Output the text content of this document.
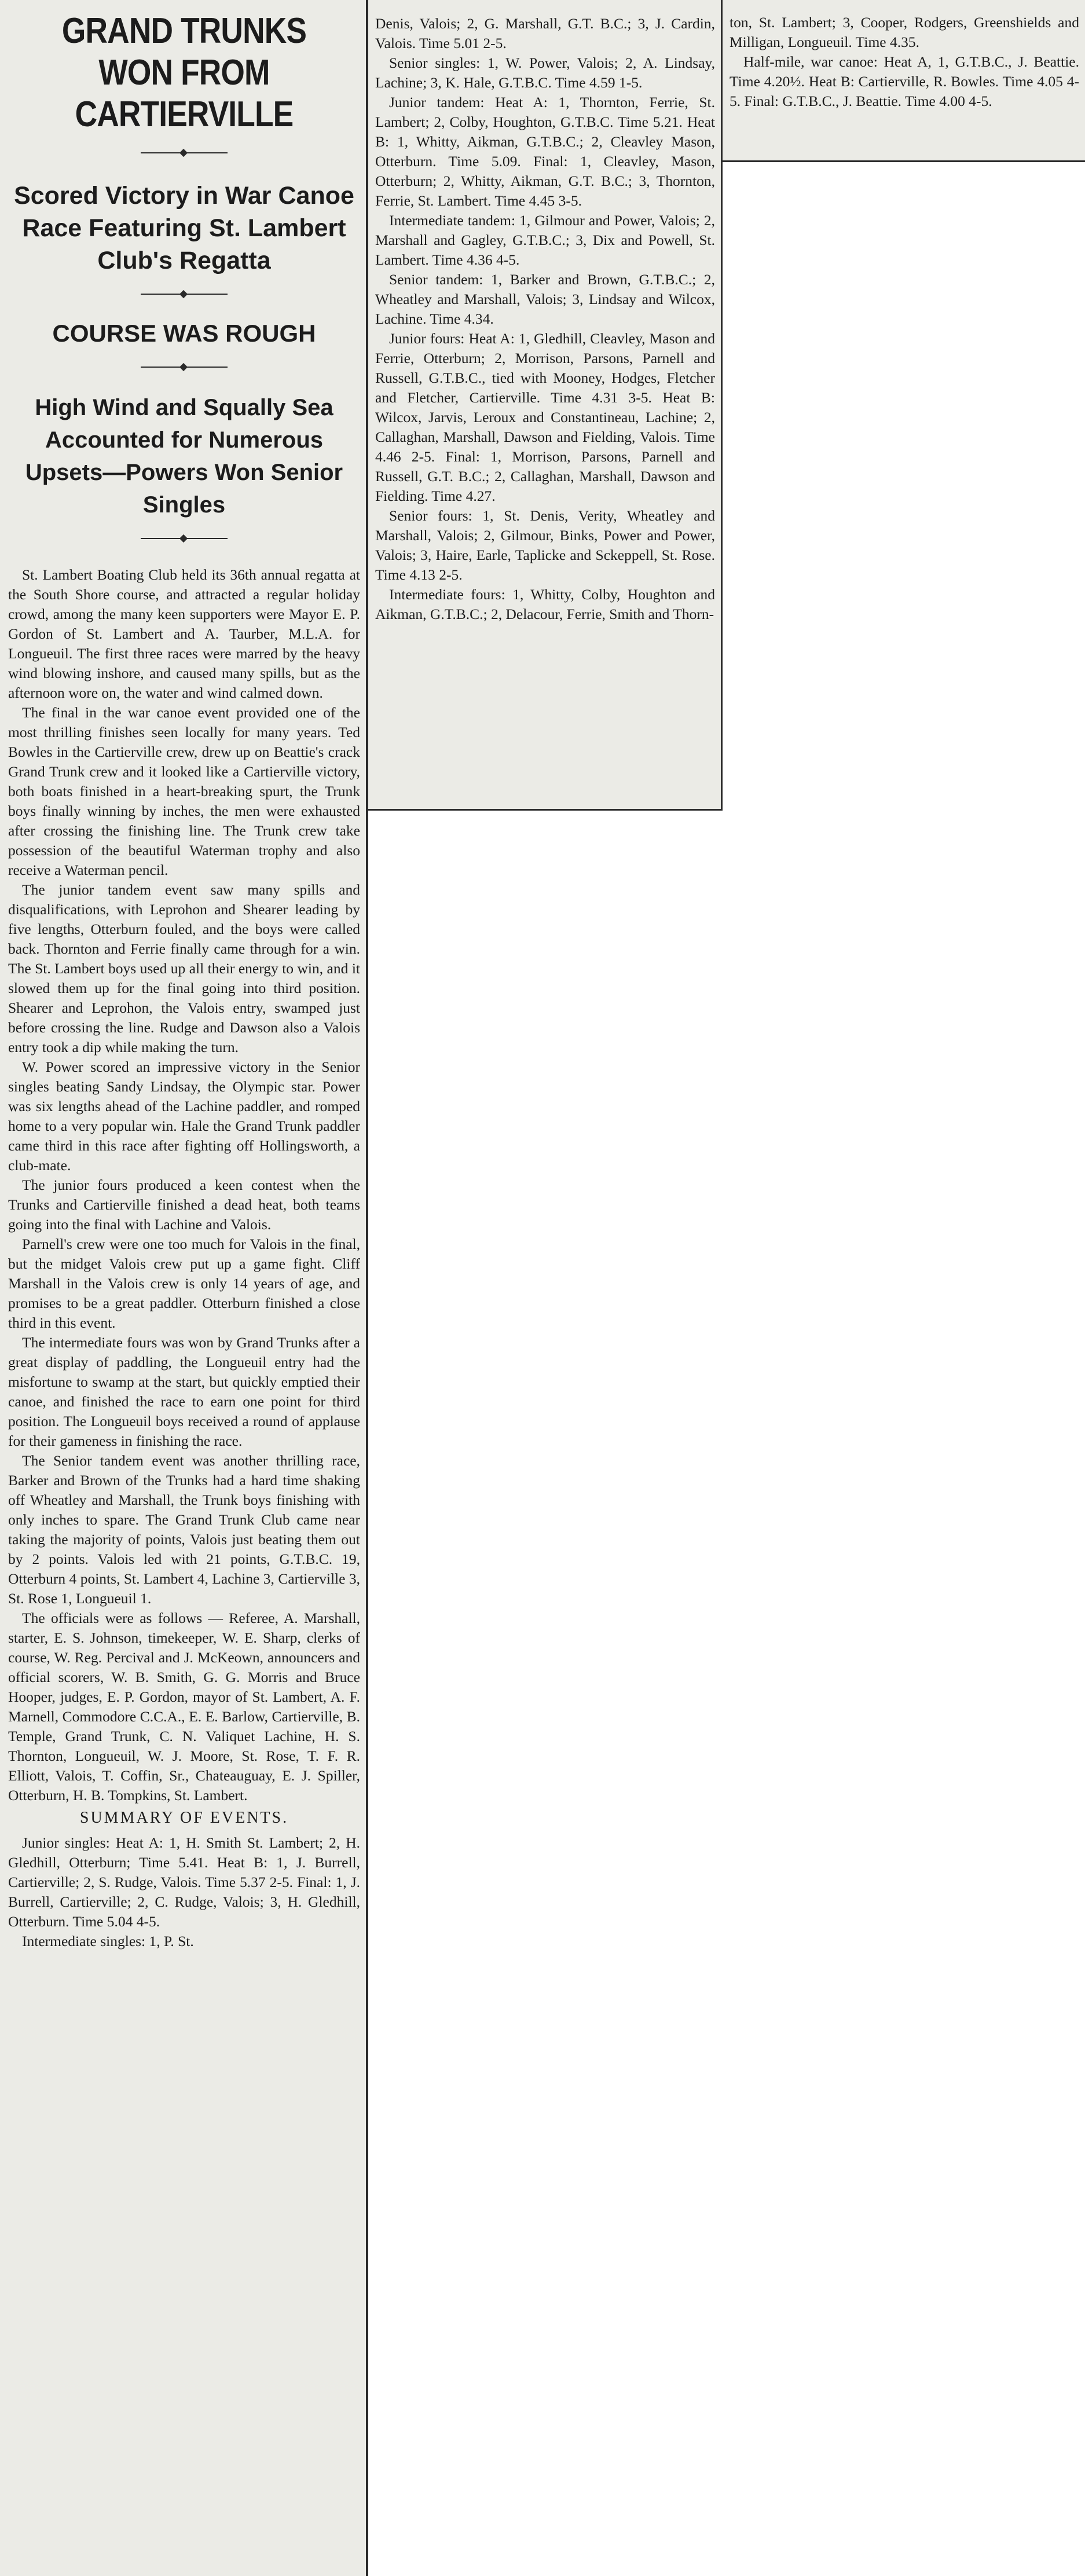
GRAND TRUNKS WON FROM CARTIERVILLE
Scored Victory in War Canoe Race Featuring St. Lambert Club's Regatta
COURSE WAS ROUGH
High Wind and Squally Sea Accounted for Numerous Upsets—Powers Won Senior Singles

St. Lambert Boating Club held its 36th annual regatta at the South Shore course, and attracted a regular holiday crowd, among the many keen supporters were Mayor E. P. Gordon of St. Lambert and A. Taurber, M.L.A. for Longueuil. The first three races were marred by the heavy wind blowing inshore, and caused many spills, but as the afternoon wore on, the water and wind calmed down.

The final in the war canoe event provided one of the most thrilling finishes seen locally for many years. Ted Bowles in the Cartierville crew, drew up on Beattie's crack Grand Trunk crew and it looked like a Cartierville victory, both boats finished in a heart-breaking spurt, the Trunk boys finally winning by inches, the men were exhausted after crossing the finishing line. The Trunk crew take possession of the beautiful Waterman trophy and also receive a Waterman pencil.

The junior tandem event saw many spills and disqualifications, with Leprohon and Shearer leading by five lengths, Otterburn fouled, and the boys were called back. Thornton and Ferrie finally came through for a win. The St. Lambert boys used up all their energy to win, and it slowed them up for the final going into third position. Shearer and Leprohon, the Valois entry, swamped just before crossing the line. Rudge and Dawson also a Valois entry took a dip while making the turn.

W. Power scored an impressive victory in the Senior singles beating Sandy Lindsay, the Olympic star. Power was six lengths ahead of the Lachine paddler, and romped home to a very popular win. Hale the Grand Trunk paddler came third in this race after fighting off Hollingsworth, a club-mate.

The junior fours produced a keen contest when the Trunks and Cartierville finished a dead heat, both teams going into the final with Lachine and Valois.

Parnell's crew were one too much for Valois in the final, but the midget Valois crew put up a game fight. Cliff Marshall in the Valois crew is only 14 years of age, and promises to be a great paddler. Otterburn finished a close third in this event.

The intermediate fours was won by Grand Trunks after a great display of paddling, the Longueuil entry had the misfortune to swamp at the start, but quickly emptied their canoe, and finished the race to earn one point for third position. The Longueuil boys received a round of applause for their gameness in finishing the race.

The Senior tandem event was another thrilling race, Barker and Brown of the Trunks had a hard time shaking off Wheatley and Marshall, the Trunk boys finishing with only inches to spare. The Grand Trunk Club came near taking the majority of points, Valois just beating them out by 2 points. Valois led with 21 points, G.T.B.C. 19, Otterburn 4 points, St. Lambert 4, Lachine 3, Cartierville 3, St. Rose 1, Longueuil 1.

The officials were as follows — Referee, A. Marshall, starter, E. S. Johnson, timekeeper, W. E. Sharp, clerks of course, W. Reg. Percival and J. McKeown, announcers and official scorers, W. B. Smith, G. G. Morris and Bruce Hooper, judges, E. P. Gordon, mayor of St. Lambert, A. F. Marnell, Commodore C.C.A., E. E. Barlow, Cartierville, B. Temple, Grand Trunk, C. N. Valiquet Lachine, H. S. Thornton, Longueuil, W. J. Moore, St. Rose, T. F. R. Elliott, Valois, T. Coffin, Sr., Chateauguay, E. J. Spiller, Otterburn, H. B. Tompkins, St. Lambert.

SUMMARY OF EVENTS.

Junior singles: Heat A: 1, H. Smith St. Lambert; 2, H. Gledhill, Otterburn; Time 5.41. Heat B: 1, J. Burrell, Cartierville; 2, S. Rudge, Valois. Time 5.37 2-5. Final: 1, J. Burrell, Cartierville; 2, C. Rudge, Valois; 3, H. Gledhill, Otterburn. Time 5.04 4-5.

Intermediate singles: 1, P. St.

Denis, Valois; 2, G. Marshall, G.T. B.C.; 3, J. Cardin, Valois. Time 5.01 2-5.

Senior singles: 1, W. Power, Valois; 2, A. Lindsay, Lachine; 3, K. Hale, G.T.B.C. Time 4.59 1-5.

Junior tandem: Heat A: 1, Thornton, Ferrie, St. Lambert; 2, Colby, Houghton, G.T.B.C. Time 5.21. Heat B: 1, Whitty, Aikman, G.T.B.C.; 2, Cleavley Mason, Otterburn. Time 5.09. Final: 1, Cleavley, Mason, Otterburn; 2, Whitty, Aikman, G.T. B.C.; 3, Thornton, Ferrie, St. Lambert. Time 4.45 3-5.

Intermediate tandem: 1, Gilmour and Power, Valois; 2, Marshall and Gagley, G.T.B.C.; 3, Dix and Powell, St. Lambert. Time 4.36 4-5.

Senior tandem: 1, Barker and Brown, G.T.B.C.; 2, Wheatley and Marshall, Valois; 3, Lindsay and Wilcox, Lachine. Time 4.34.

Junior fours: Heat A: 1, Gledhill, Cleavley, Mason and Ferrie, Otterburn; 2, Morrison, Parsons, Parnell and Russell, G.T.B.C., tied with Mooney, Hodges, Fletcher and Fletcher, Cartierville. Time 4.31 3-5. Heat B: Wilcox, Jarvis, Leroux and Constantineau, Lachine; 2, Callaghan, Marshall, Dawson and Fielding, Valois. Time 4.46 2-5. Final: 1, Morrison, Parsons, Parnell and Russell, G.T. B.C.; 2, Callaghan, Marshall, Dawson and Fielding. Time 4.27.

Senior fours: 1, St. Denis, Verity, Wheatley and Marshall, Valois; 2, Gilmour, Binks, Power and Power, Valois; 3, Haire, Earle, Taplicke and Sckeppell, St. Rose. Time 4.13 2-5.

Intermediate fours: 1, Whitty, Colby, Houghton and Aikman, G.T.B.C.; 2, Delacour, Ferrie, Smith and Thorn-

ton, St. Lambert; 3, Cooper, Rodgers, Greenshields and Milligan, Longueuil. Time 4.35.

Half-mile, war canoe: Heat A, 1, G.T.B.C., J. Beattie. Time 4.20½. Heat B: Cartierville, R. Bowles. Time 4.05 4-5. Final: G.T.B.C., J. Beattie. Time 4.00 4-5.
